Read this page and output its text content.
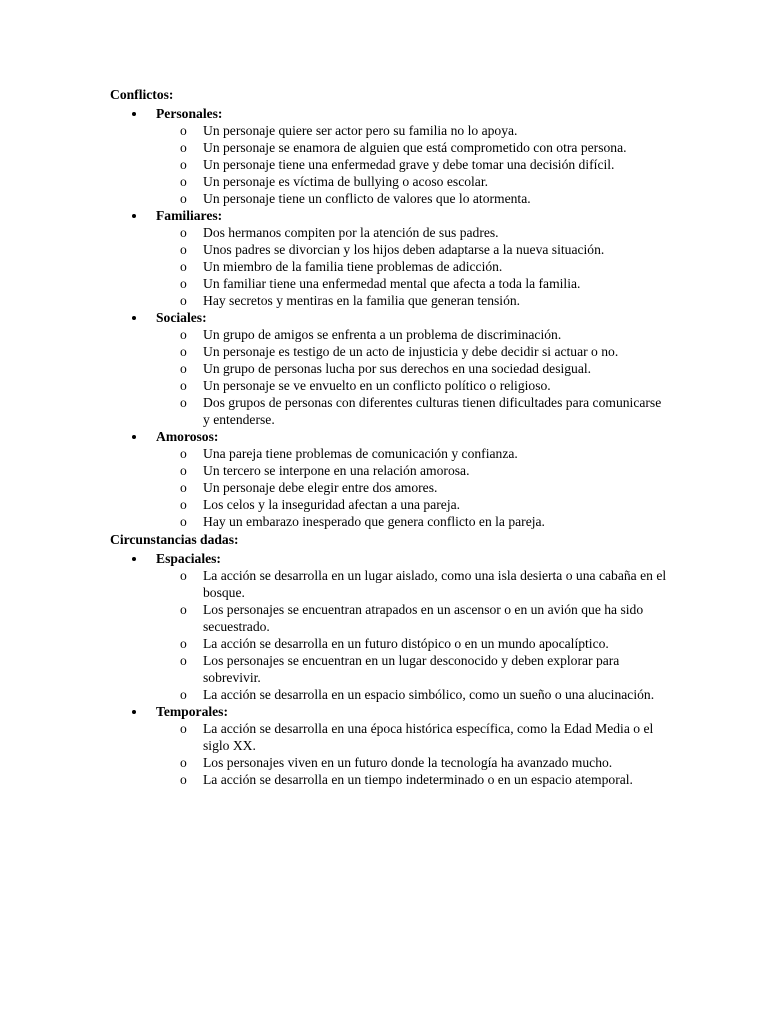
Conflictos:

Personales:
o Un personaje quiere ser actor pero su familia no lo apoya.
o Un personaje se enamora de alguien que está comprometido con otra persona.
o Un personaje tiene una enfermedad grave y debe tomar una decisión difícil.
o Un personaje es víctima de bullying o acoso escolar.
o Un personaje tiene un conflicto de valores que lo atormenta.
Familiares:
o Dos hermanos compiten por la atención de sus padres.
o Unos padres se divorcian y los hijos deben adaptarse a la nueva situación.
o Un miembro de la familia tiene problemas de adicción.
o Un familiar tiene una enfermedad mental que afecta a toda la familia.
o Hay secretos y mentiras en la familia que generan tensión.
Sociales:
o Un grupo de amigos se enfrenta a un problema de discriminación.
o Un personaje es testigo de un acto de injusticia y debe decidir si actuar o no.
o Un grupo de personas lucha por sus derechos en una sociedad desigual.
o Un personaje se ve envuelto en un conflicto político o religioso.
o Dos grupos de personas con diferentes culturas tienen dificultades para comunicarse y entenderse.
Amorosos:
o Una pareja tiene problemas de comunicación y confianza.
o Un tercero se interpone en una relación amorosa.
o Un personaje debe elegir entre dos amores.
o Los celos y la inseguridad afectan a una pareja.
o Hay un embarazo inesperado que genera conflicto en la pareja.

Circunstancias dadas:

Espaciales:
o La acción se desarrolla en un lugar aislado, como una isla desierta o una cabaña en el bosque.
o Los personajes se encuentran atrapados en un ascensor o en un avión que ha sido secuestrado.
o La acción se desarrolla en un futuro distópico o en un mundo apocalíptico.
o Los personajes se encuentran en un lugar desconocido y deben explorar para sobrevivir.
o La acción se desarrolla en un espacio simbólico, como un sueño o una alucinación.
Temporales:
o La acción se desarrolla en una época histórica específica, como la Edad Media o el siglo XX.
o Los personajes viven en un futuro donde la tecnología ha avanzado mucho.
o La acción se desarrolla en un tiempo indeterminado o en un espacio atemporal.
